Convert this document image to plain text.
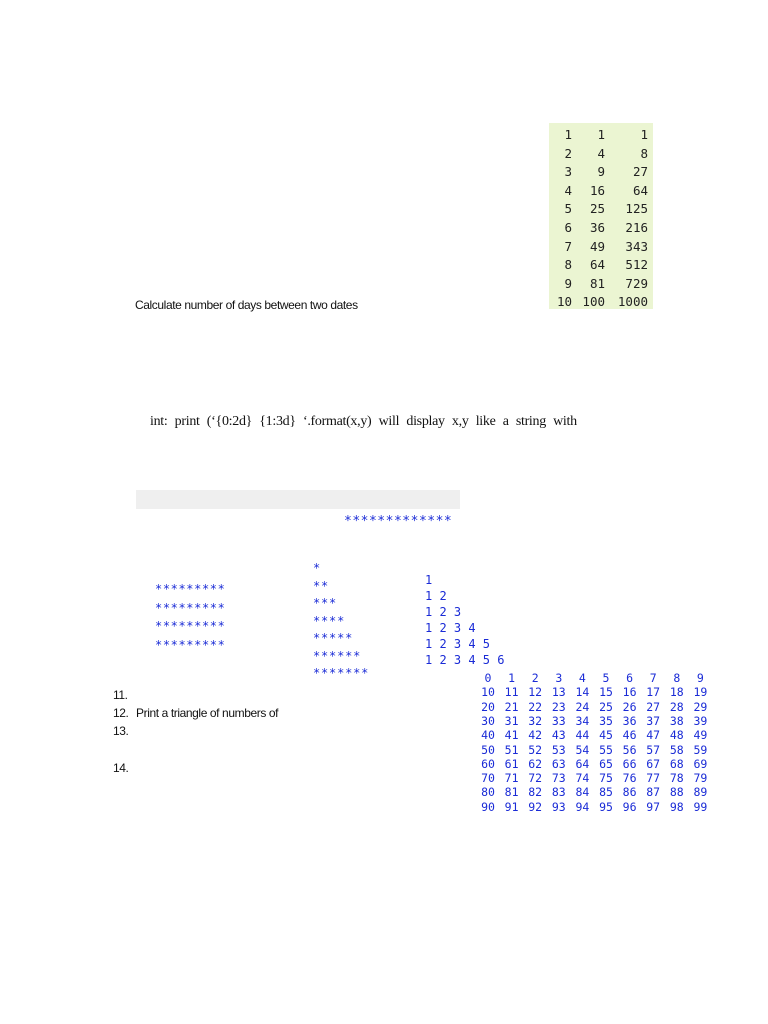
1	1	1
2	4	8
3	9	27
4	16	64
5	25	125
6	36	216
7	49	343
8	64	512
9	81	729
10 100	1000
Calculate number of days between two dates
int: print (‘{0:2d} {1:3d} ‘.format(x,y) will display x,y like a string with
*************
*********
*********
*********
*********
*
**
***
****
*****
******
*******
1
1 2
1 2 3
1 2 3 4
1 2 3 4 5
1 2 3 4 5 6
11.
12. Print a triangle of numbers of
13.
14.
0	1	2	3	4	5	6	7	8	9
10 11 12 13 14 15 16 17 18 19
20 21 22 23 24 25 26 27 28 29
30 31 32 33 34 35 36 37 38 39
40 41 42 43 44 45 46 47 48 49
50 51 52 53 54 55 56 57 58 59
60 61 62 63 64 65 66 67 68 69
70 71 72 73 74 75 76 77 78 79
80 81 82 83 84 85 86 87 88 89
90 91 92 93 94 95 96 97 98 99
